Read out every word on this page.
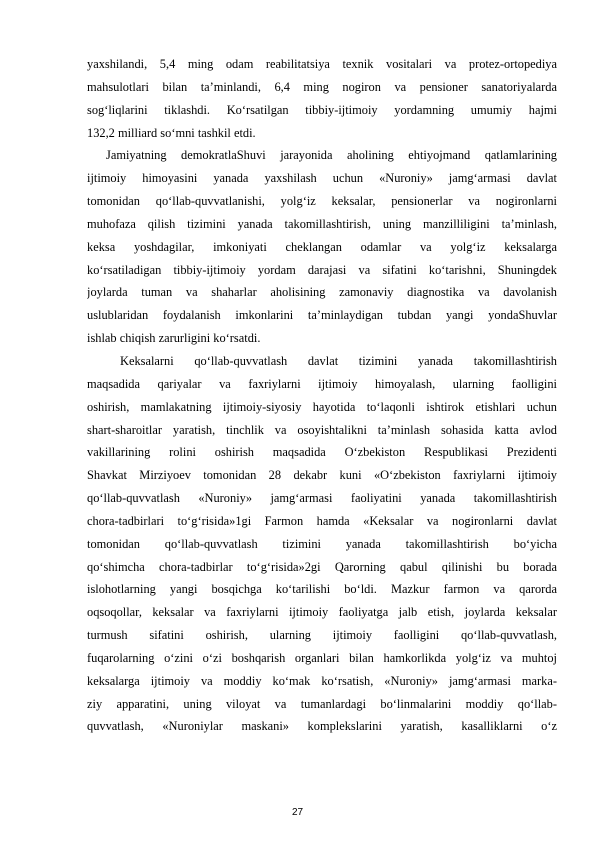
yaxshilandi, 5,4 ming odam reabilitatsiya texnik vositalari va protez-ortopediya
mahsulotlari bilan ta’minlandi, 6,4 ming nogiron va pensioner sanatoriyalarda
sog‘liqlarini tiklashdi. Ko‘rsatilgan tibbiy-ijtimoiy yordamning umumiy hajmi
132,2 milliard so‘mni tashkil etdi.
Jamiyatning demokratlaShuvi jarayonida aholining ehtiyojmand qatlamlarining
ijtimoiy himoyasini yanada yaxshilash uchun «Nuroniy» jamg‘armasi davlat
tomonidan qo‘llab-quvvatlanishi, yolg‘iz keksalar, pensionerlar va nogironlarni
muhofaza qilish tizimini yanada takomillashtirish, uning manzilliligini ta’minlash,
keksa yoshdagilar, imkoniyati cheklangan odamlar va yolg‘iz keksalarga
ko‘rsatiladigan tibbiy-ijtimoiy yordam darajasi va sifatini ko‘tarishni, Shuningdek
joylarda tuman va shaharlar aholisining zamonaviy diagnostika va davolanish
uslublaridan foydalanish imkonlarini ta’minlaydigan tubdan yangi yondaShuvlar
ishlab chiqish zarurligini ko‘rsatdi.
Keksalarni qo‘llab-quvvatlash davlat tizimini yanada takomillashtirish
maqsadida qariyalar va faxriylarni ijtimoiy himoyalash, ularning faolligini
oshirish, mamlakatning ijtimoiy-siyosiy hayotida to‘laqonli ishtirok etishlari uchun
shart-sharoitlar yaratish, tinchlik va osoyishtalikni ta’minlash sohasida katta avlod
vakillarining rolini oshirish maqsadida O‘zbekiston Respublikasi Prezidenti
Shavkat Mirziyoev tomonidan 28 dekabr kuni «O‘zbekiston faxriylarni ijtimoiy
qo‘llab-quvvatlash «Nuroniy» jamg‘armasi faoliyatini yanada takomillashtirish
chora-tadbirlari to‘g‘risida»1gi Farmon hamda «Keksalar va nogironlarni davlat
tomonidan qo‘llab-quvvatlash tizimini yanada takomillashtirish bo‘yicha
qo‘shimcha chora-tadbirlar to‘g‘risida»2gi Qarorning qabul qilinishi bu borada
islohotlarning yangi bosqichga ko‘tarilishi bo‘ldi. Mazkur farmon va qarorda
oqsoqollar, keksalar va faxriylarni ijtimoiy faoliyatga jalb etish, joylarda keksalar
turmush sifatini oshirish, ularning ijtimoiy faolligini qo‘llab-quvvatlash,
fuqarolarning o‘zini o‘zi boshqarish organlari bilan hamkorlikda yolg‘iz va muhtoj
keksalarga ijtimoiy va moddiy ko‘mak ko‘rsatish, «Nuroniy» jamg‘armasi marka-
ziy apparatini, uning viloyat va tumanlardagi bo‘linmalarini moddiy qo‘llab-
quvvatlash, «Nuroniylar maskani» komplekslarini yaratish, kasalliklarni o‘z
27
